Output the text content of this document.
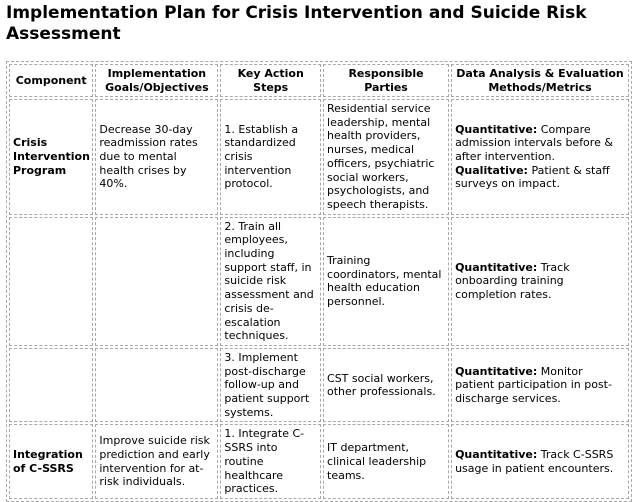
Implementation Plan for Crisis Intervention and Suicide Risk Assessment
Component	Implementation Goals/Objectives	Key Action Steps	Responsible Parties	Data Analysis & Evaluation Methods/Metrics
Crisis Intervention Program	Decrease 30-day readmission rates due to mental health crises by 40%.	1. Establish a standardized crisis intervention protocol.	Residential service leadership, mental health providers, nurses, medical officers, psychiatric social workers, psychologists, and speech therapists.	Quantitative: Compare admission intervals before & after intervention. Qualitative: Patient & staff surveys on impact.
		2. Train all employees, including support staff, in suicide risk assessment and crisis de-escalation techniques.	Training coordinators, mental health education personnel.	Quantitative: Track onboarding training completion rates.
		3. Implement post-discharge follow-up and patient support systems.	CST social workers, other professionals.	Quantitative: Monitor patient participation in post-discharge services.
Integration of C-SSRS	Improve suicide risk prediction and early intervention for at-risk individuals.	1. Integrate C-SSRS into routine healthcare practices.	IT department, clinical leadership teams.	Quantitative: Track C-SSRS usage in patient encounters.
